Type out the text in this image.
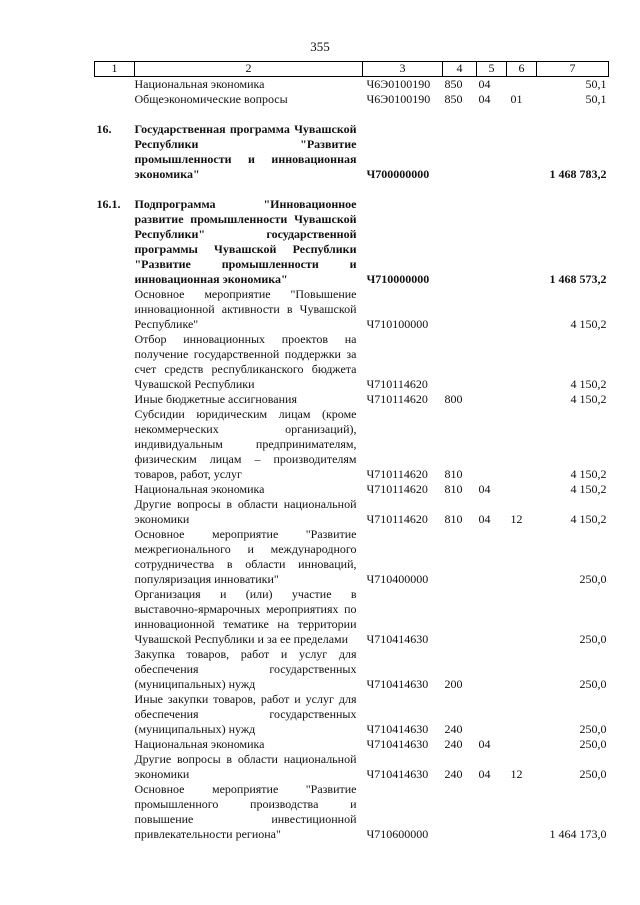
355
1	2	3	4	5	6	7
	Национальная экономика	Ч6Э0100190	850	04		50,1
	Общеэкономические вопросы	Ч6Э0100190	850	04	01	50,1
16.	Государственная программа Чувашской Республики "Развитие промышленности и инновационная экономика"	Ч700000000				1 468 783,2
16.1.	Подпрограмма "Инновационное развитие промышленности Чувашской Республики" государственной программы Чувашской Республики "Развитие промышленности и инновационная экономика"	Ч710000000				1 468 573,2
	Основное мероприятие "Повышение инновационной активности в Чувашской Республике"	Ч710100000				4 150,2
	Отбор инновационных проектов на получение государственной поддержки за счет средств республиканского бюджета Чувашской Республики	Ч710114620				4 150,2
	Иные бюджетные ассигнования	Ч710114620	800			4 150,2
	Субсидии юридическим лицам (кроме некоммерческих организаций), индивидуальным предпринимателям, физическим лицам – производителям товаров, работ, услуг	Ч710114620	810			4 150,2
	Национальная экономика	Ч710114620	810	04		4 150,2
	Другие вопросы в области национальной экономики	Ч710114620	810	04	12	4 150,2
	Основное мероприятие "Развитие межрегионального и международного сотрудничества в области инноваций, популяризация инноватики"	Ч710400000				250,0
	Организация и (или) участие в выставочно-ярмарочных мероприятиях по инновационной тематике на территории Чувашской Республики и за ее пределами	Ч710414630				250,0
	Закупка товаров, работ и услуг для обеспечения государственных (муниципальных) нужд	Ч710414630	200			250,0
	Иные закупки товаров, работ и услуг для обеспечения государственных (муниципальных) нужд	Ч710414630	240			250,0
	Национальная экономика	Ч710414630	240	04		250,0
	Другие вопросы в области национальной экономики	Ч710414630	240	04	12	250,0
	Основное мероприятие "Развитие промышленного производства и повышение инвестиционной привлекательности региона"	Ч710600000				1 464 173,0
